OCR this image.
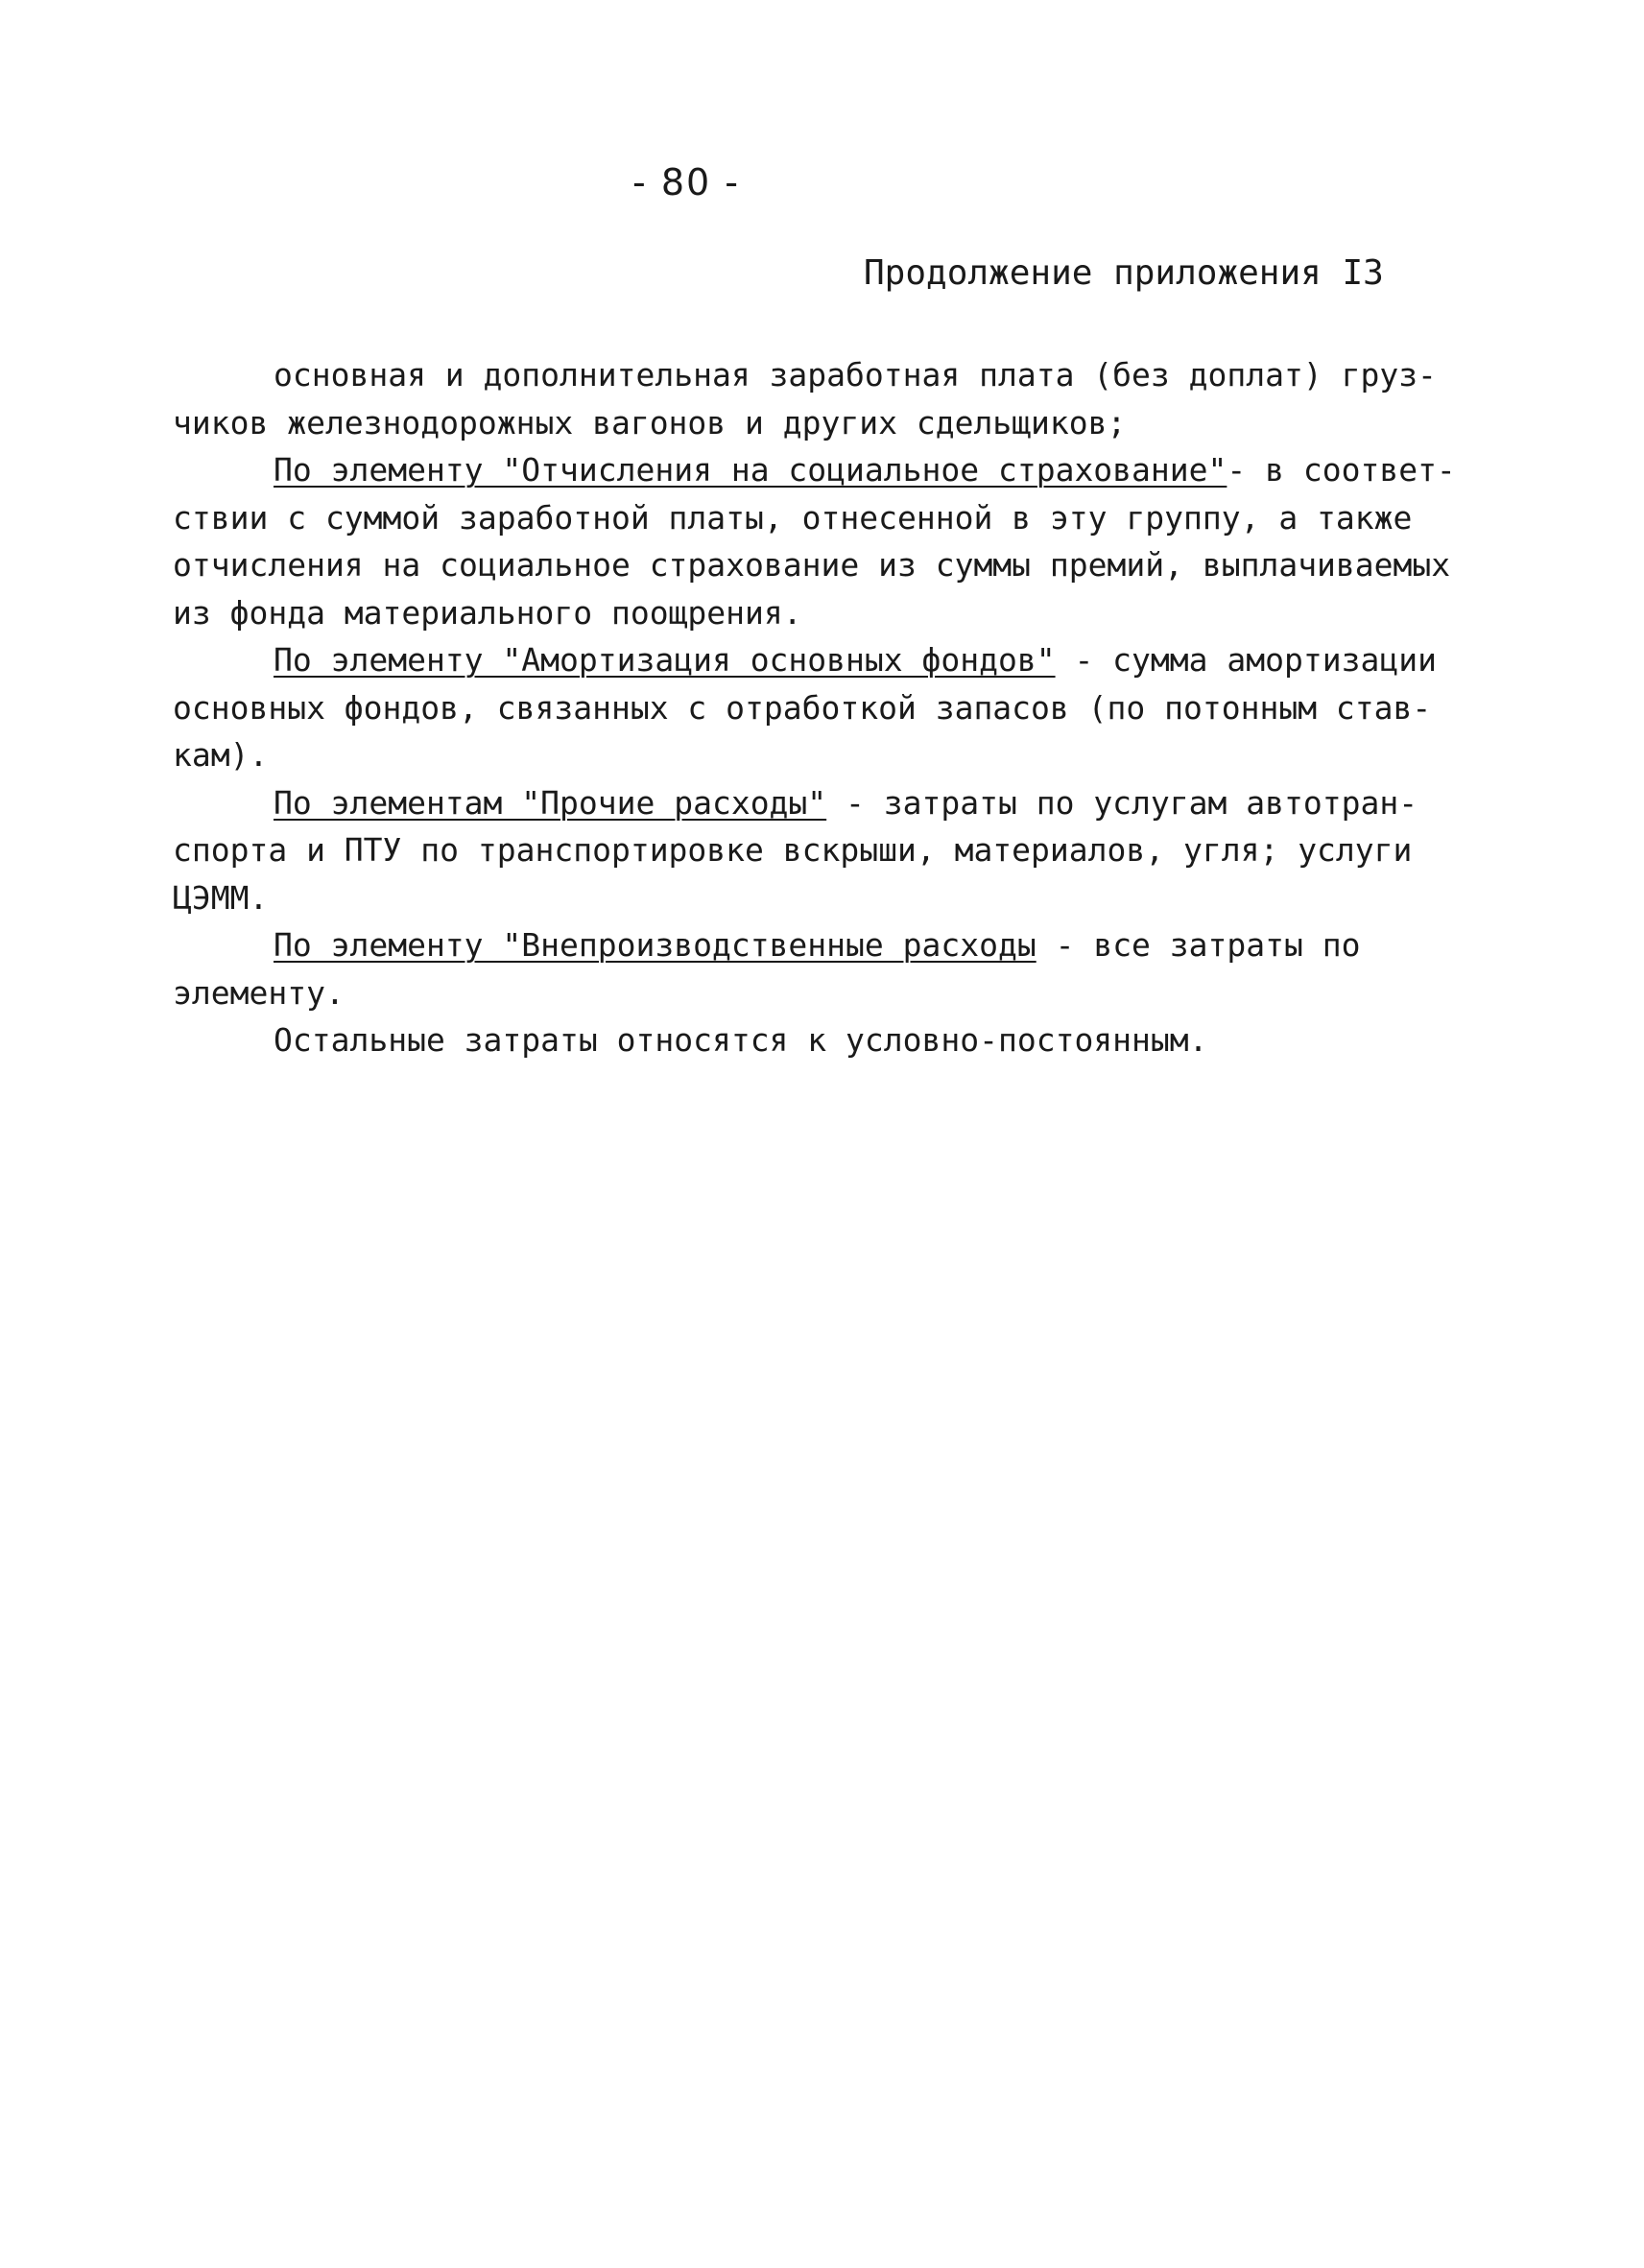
- 80 -
Продолжение приложения I3
основная и дополнительная заработная плата (без доплат) груз-
чиков железнодорожных вагонов и других сдельщиков;
По элементу "Отчисления на социальное страхование"- в соответ-
ствии с суммой заработной платы, отнесенной в эту группу, а также
отчисления на социальное страхование из суммы премий, выплачиваемых
из фонда материального поощрения.
По элементу "Амортизация основных фондов" - сумма амортизации
основных фондов, связанных с отработкой запасов (по потонным став-
кам).
По элементам "Прочие расходы" - затраты по услугам автотран-
спорта и ПТУ по транспортировке вскрыши, материалов, угля; услуги
ЦЭММ.
По элементу "Внепроизводственные расходы - все затраты по
элементу.
Остальные затраты относятся к условно-постоянным.
